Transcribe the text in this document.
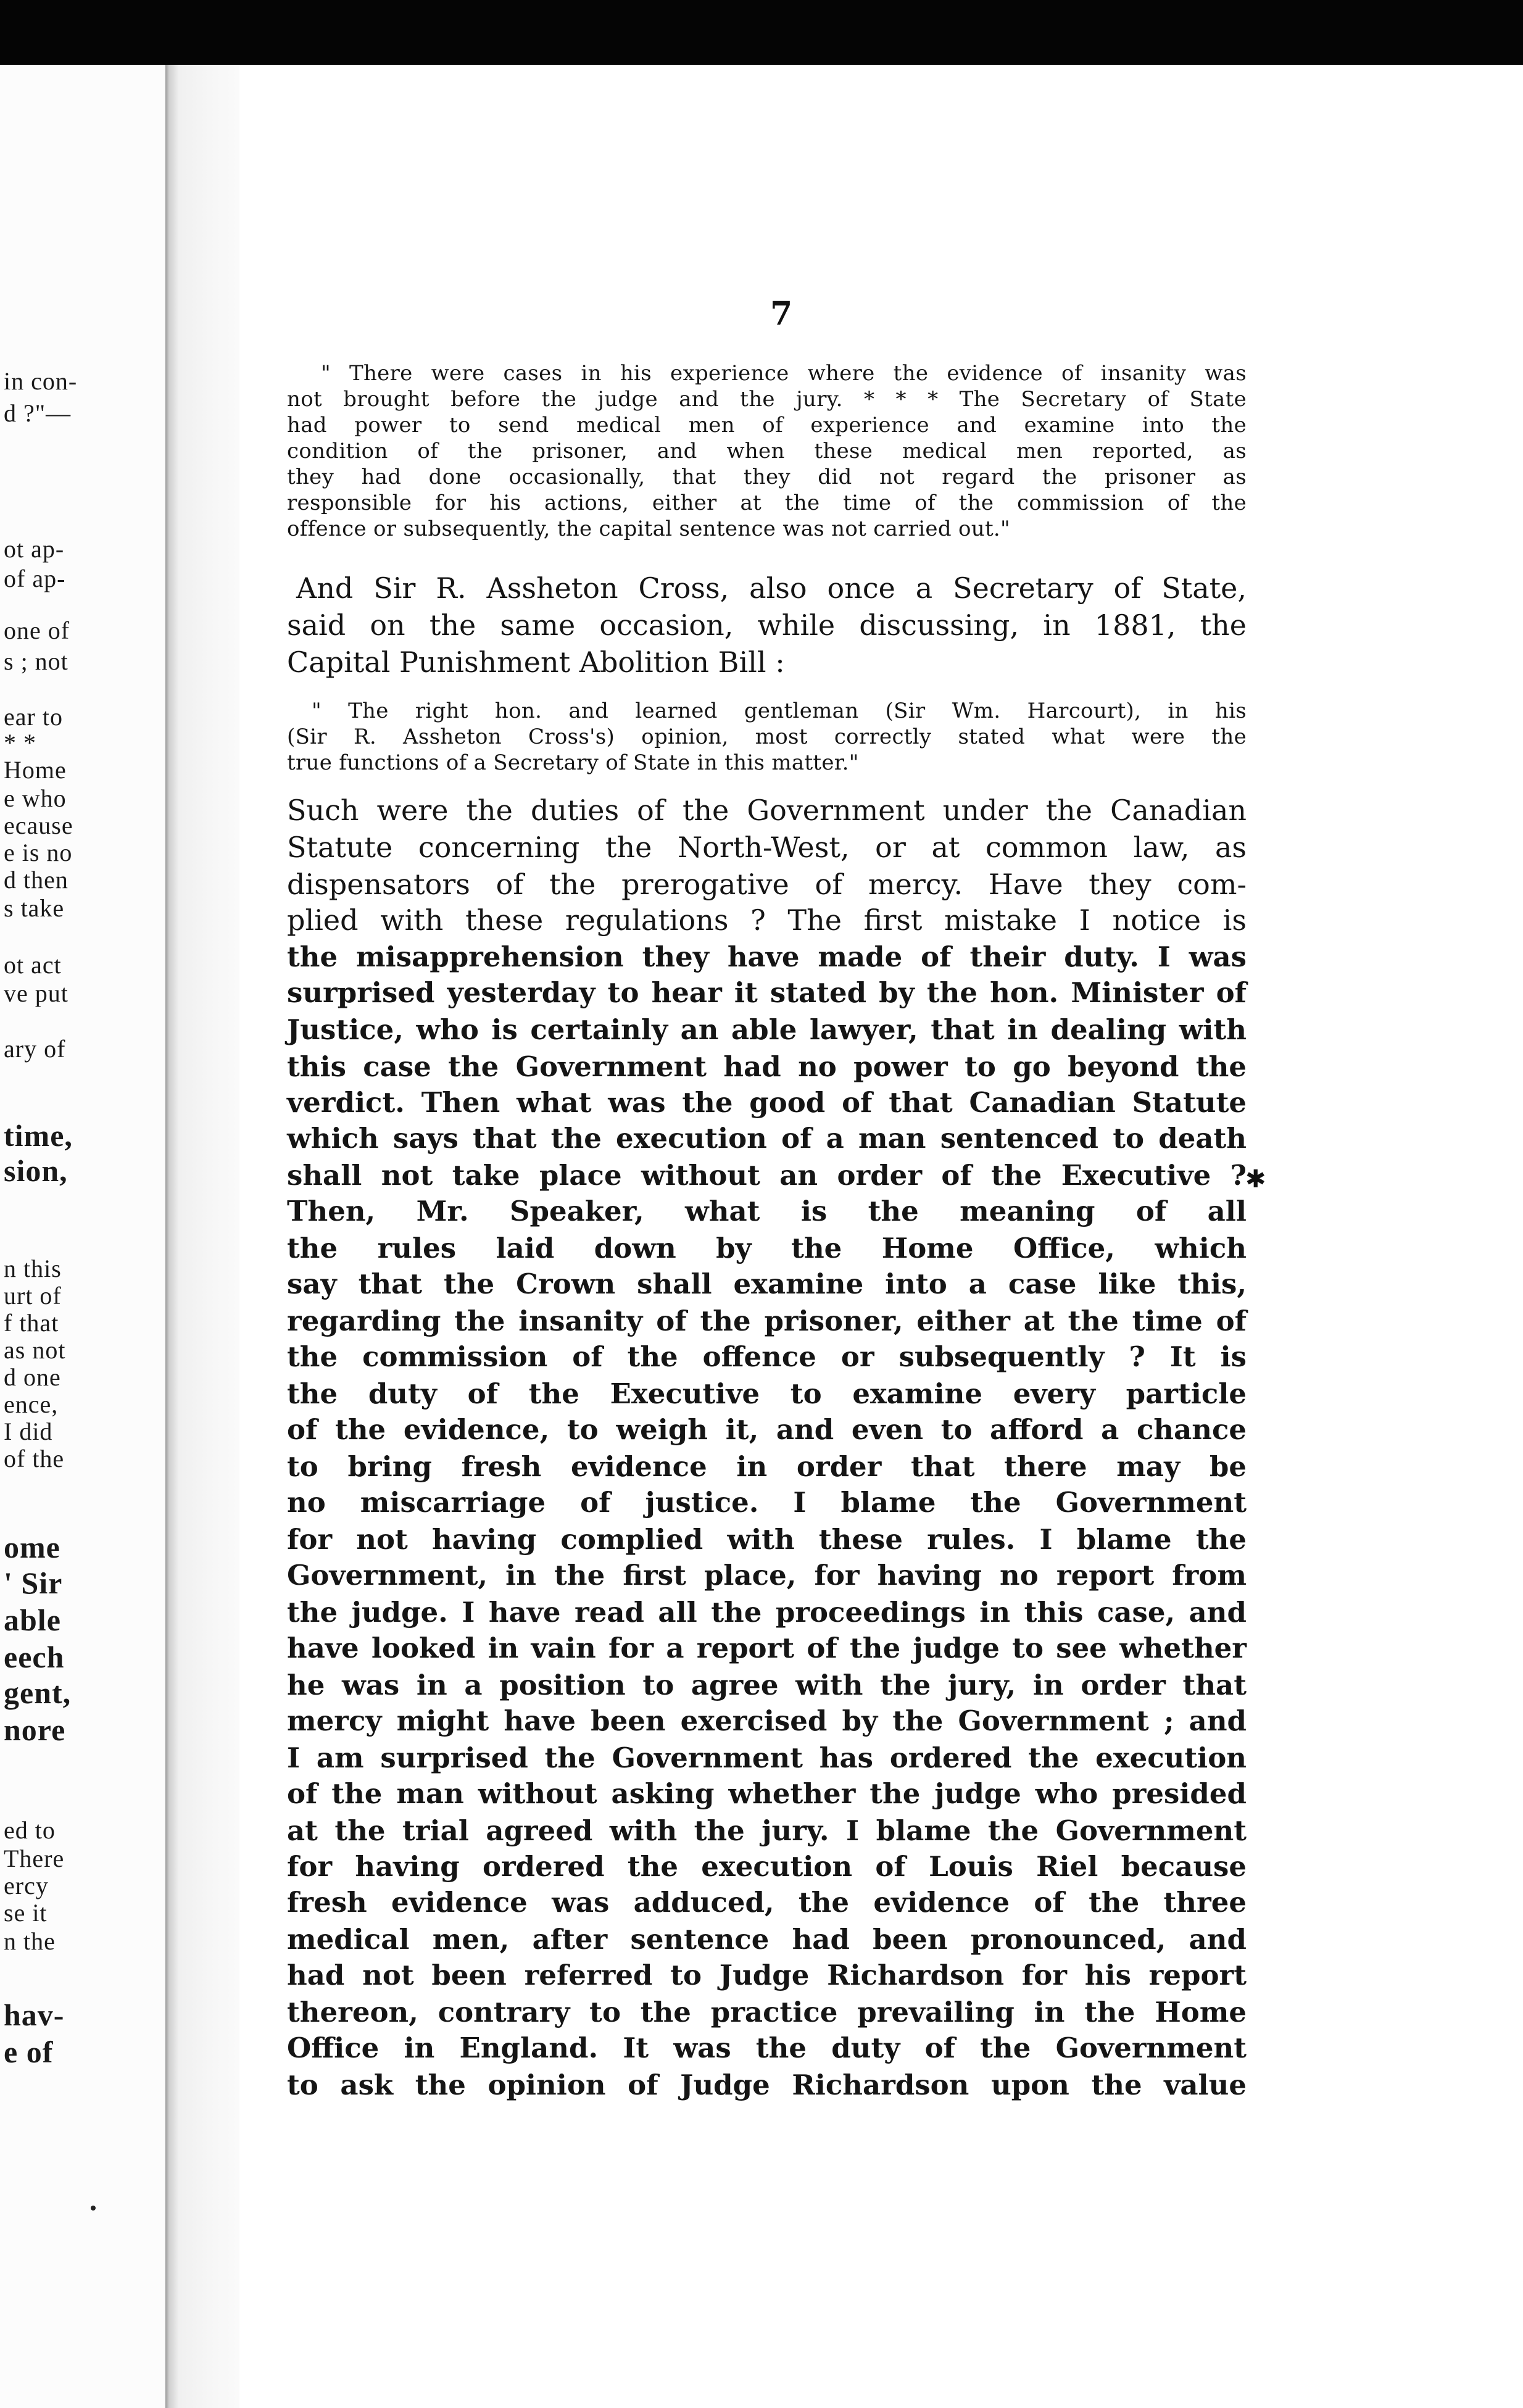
in con-
d ?"—
ot ap-
of ap-
one of
s ; not
ear to
* *
Home
e who
ecause
e is no
d then
s take
ot act
ve put
ary of
time,
sion,
n this
urt of
f that
as not
d one
ence,
I did
of the
ome
' Sir
able
eech
gent,
nore
ed to
There
ercy
se it
n the
hav-
e of
7
" There were cases in his experience where the evidence of insanity was
not brought before the judge and the jury. * * * The Secretary of State
had power to send medical men of experience and examine into the
condition of the prisoner, and when these medical men reported, as
they had done occasionally, that they did not regard the prisoner as
responsible for his actions, either at the time of the commission of the
offence or subsequently, the capital sentence was not carried out."
And Sir R. Assheton Cross, also once a Secretary of State,
said on the same occasion, while discussing, in 1881, the
Capital Punishment Abolition Bill :
" The right hon. and learned gentleman (Sir Wm. Harcourt), in his
(Sir R. Assheton Cross's) opinion, most correctly stated what were the
true functions of a Secretary of State in this matter."
Such were the duties of the Government under the Canadian
Statute concerning the North-West, or at common law, as
dispensators of the prerogative of mercy. Have they com-
plied with these regulations ? The first mistake I notice is
the misapprehension they have made of their duty. I was
surprised yesterday to hear it stated by the hon. Minister of
Justice, who is certainly an able lawyer, that in dealing with
this case the Government had no power to go beyond the
verdict. Then what was the good of that Canadian Statute
which says that the execution of a man sentenced to death
shall not take place without an order of the Executive ?
Then, Mr. Speaker, what is the meaning of all
the rules laid down by the Home Office, which
say that the Crown shall examine into a case like this,
regarding the insanity of the prisoner, either at the time of
the commission of the offence or subsequently ? It is
the duty of the Executive to examine every particle
of the evidence, to weigh it, and even to afford a chance
to bring fresh evidence in order that there may be
no miscarriage of justice. I blame the Government
for not having complied with these rules. I blame the
Government, in the first place, for having no report from
the judge. I have read all the proceedings in this case, and
have looked in vain for a report of the judge to see whether
he was in a position to agree with the jury, in order that
mercy might have been exercised by the Government ; and
I am surprised the Government has ordered the execution
of the man without asking whether the judge who presided
at the trial agreed with the jury. I blame the Government
for having ordered the execution of Louis Riel because
fresh evidence was adduced, the evidence of the three
medical men, after sentence had been pronounced, and
had not been referred to Judge Richardson for his report
thereon, contrary to the practice prevailing in the Home
Office in England. It was the duty of the Government
to ask the opinion of Judge Richardson upon the value
✱
